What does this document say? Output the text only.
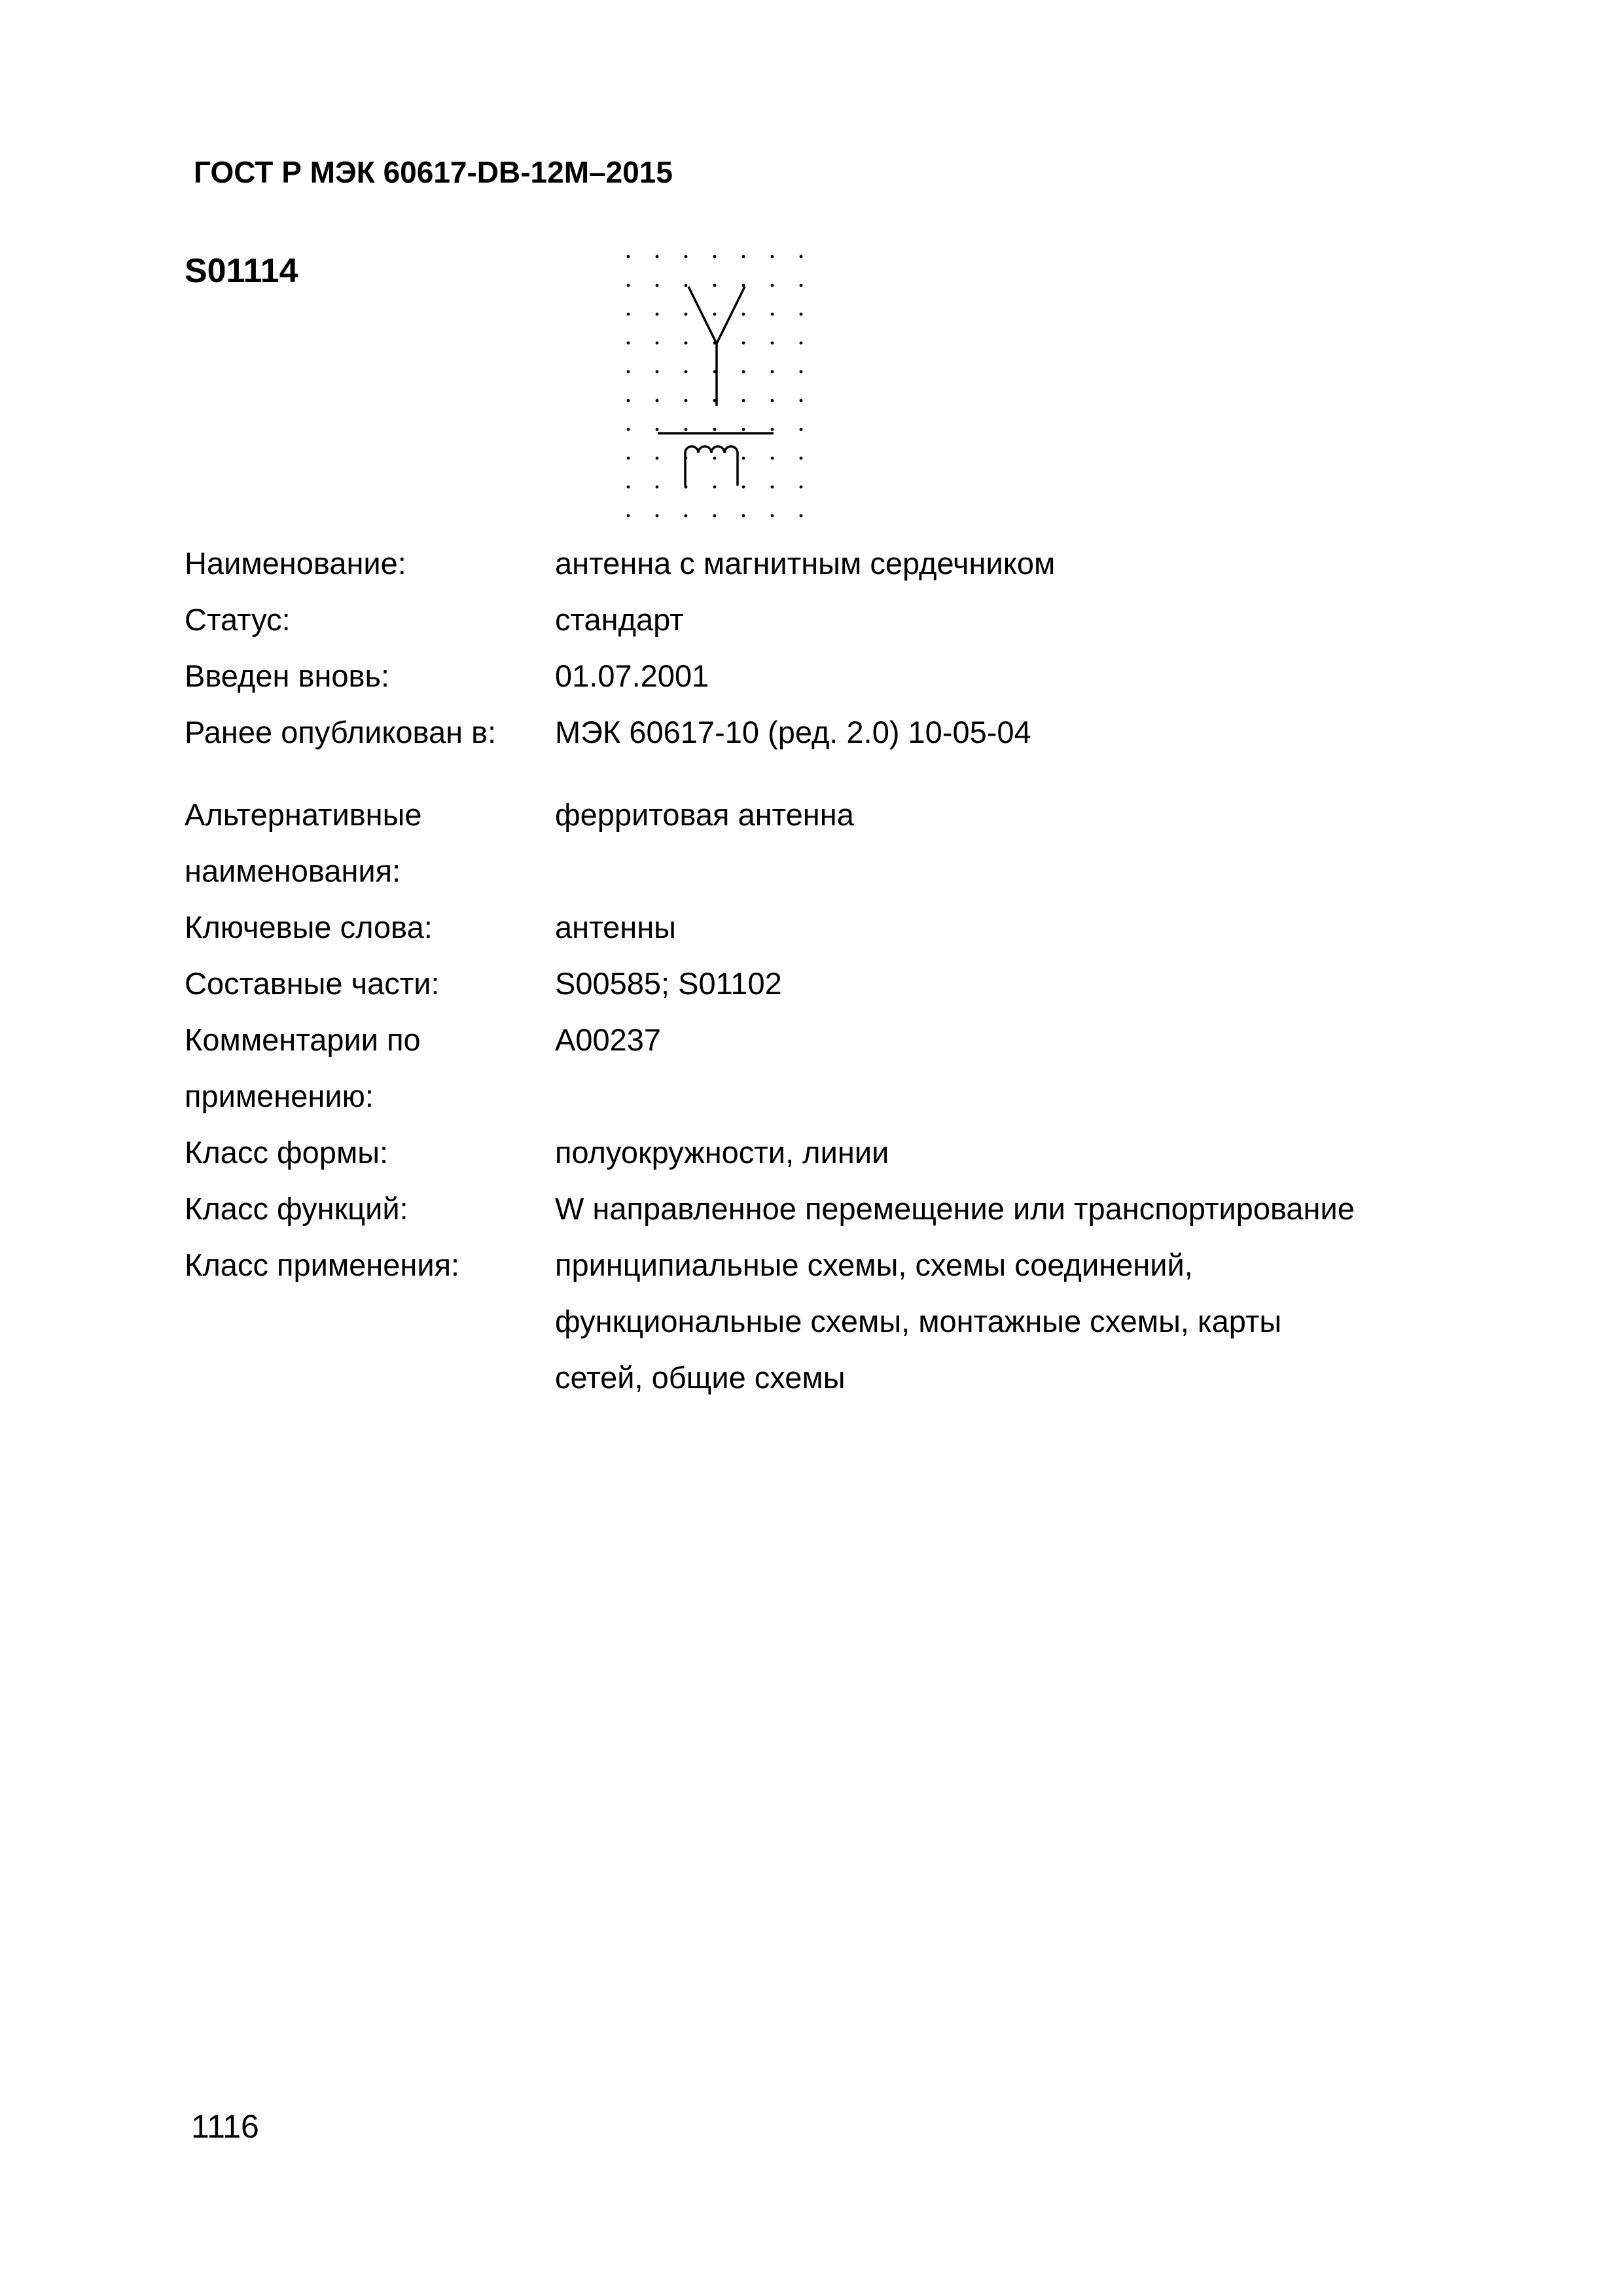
ГОСТ Р МЭК 60617-DB-12M–2015
S01114
Наименование:	антенна с магнитным сердечником
Статус:	стандарт
Введен вновь:	01.07.2001
Ранее опубликован в:	МЭК 60617-10 (ред. 2.0) 10-05-04
Альтернативные
наименования:
ферритовая антенна
Ключевые слова:	антенны
Составные части:	S00585; S01102
Комментарии по
применению:
A00237
Класс формы:	полуокружности, линии
Класс функций:	W направленное перемещение или транспортирование
Класс применения:	принципиальные схемы, схемы соединений,
функциональные схемы, монтажные схемы, карты
сетей, общие схемы
1116
